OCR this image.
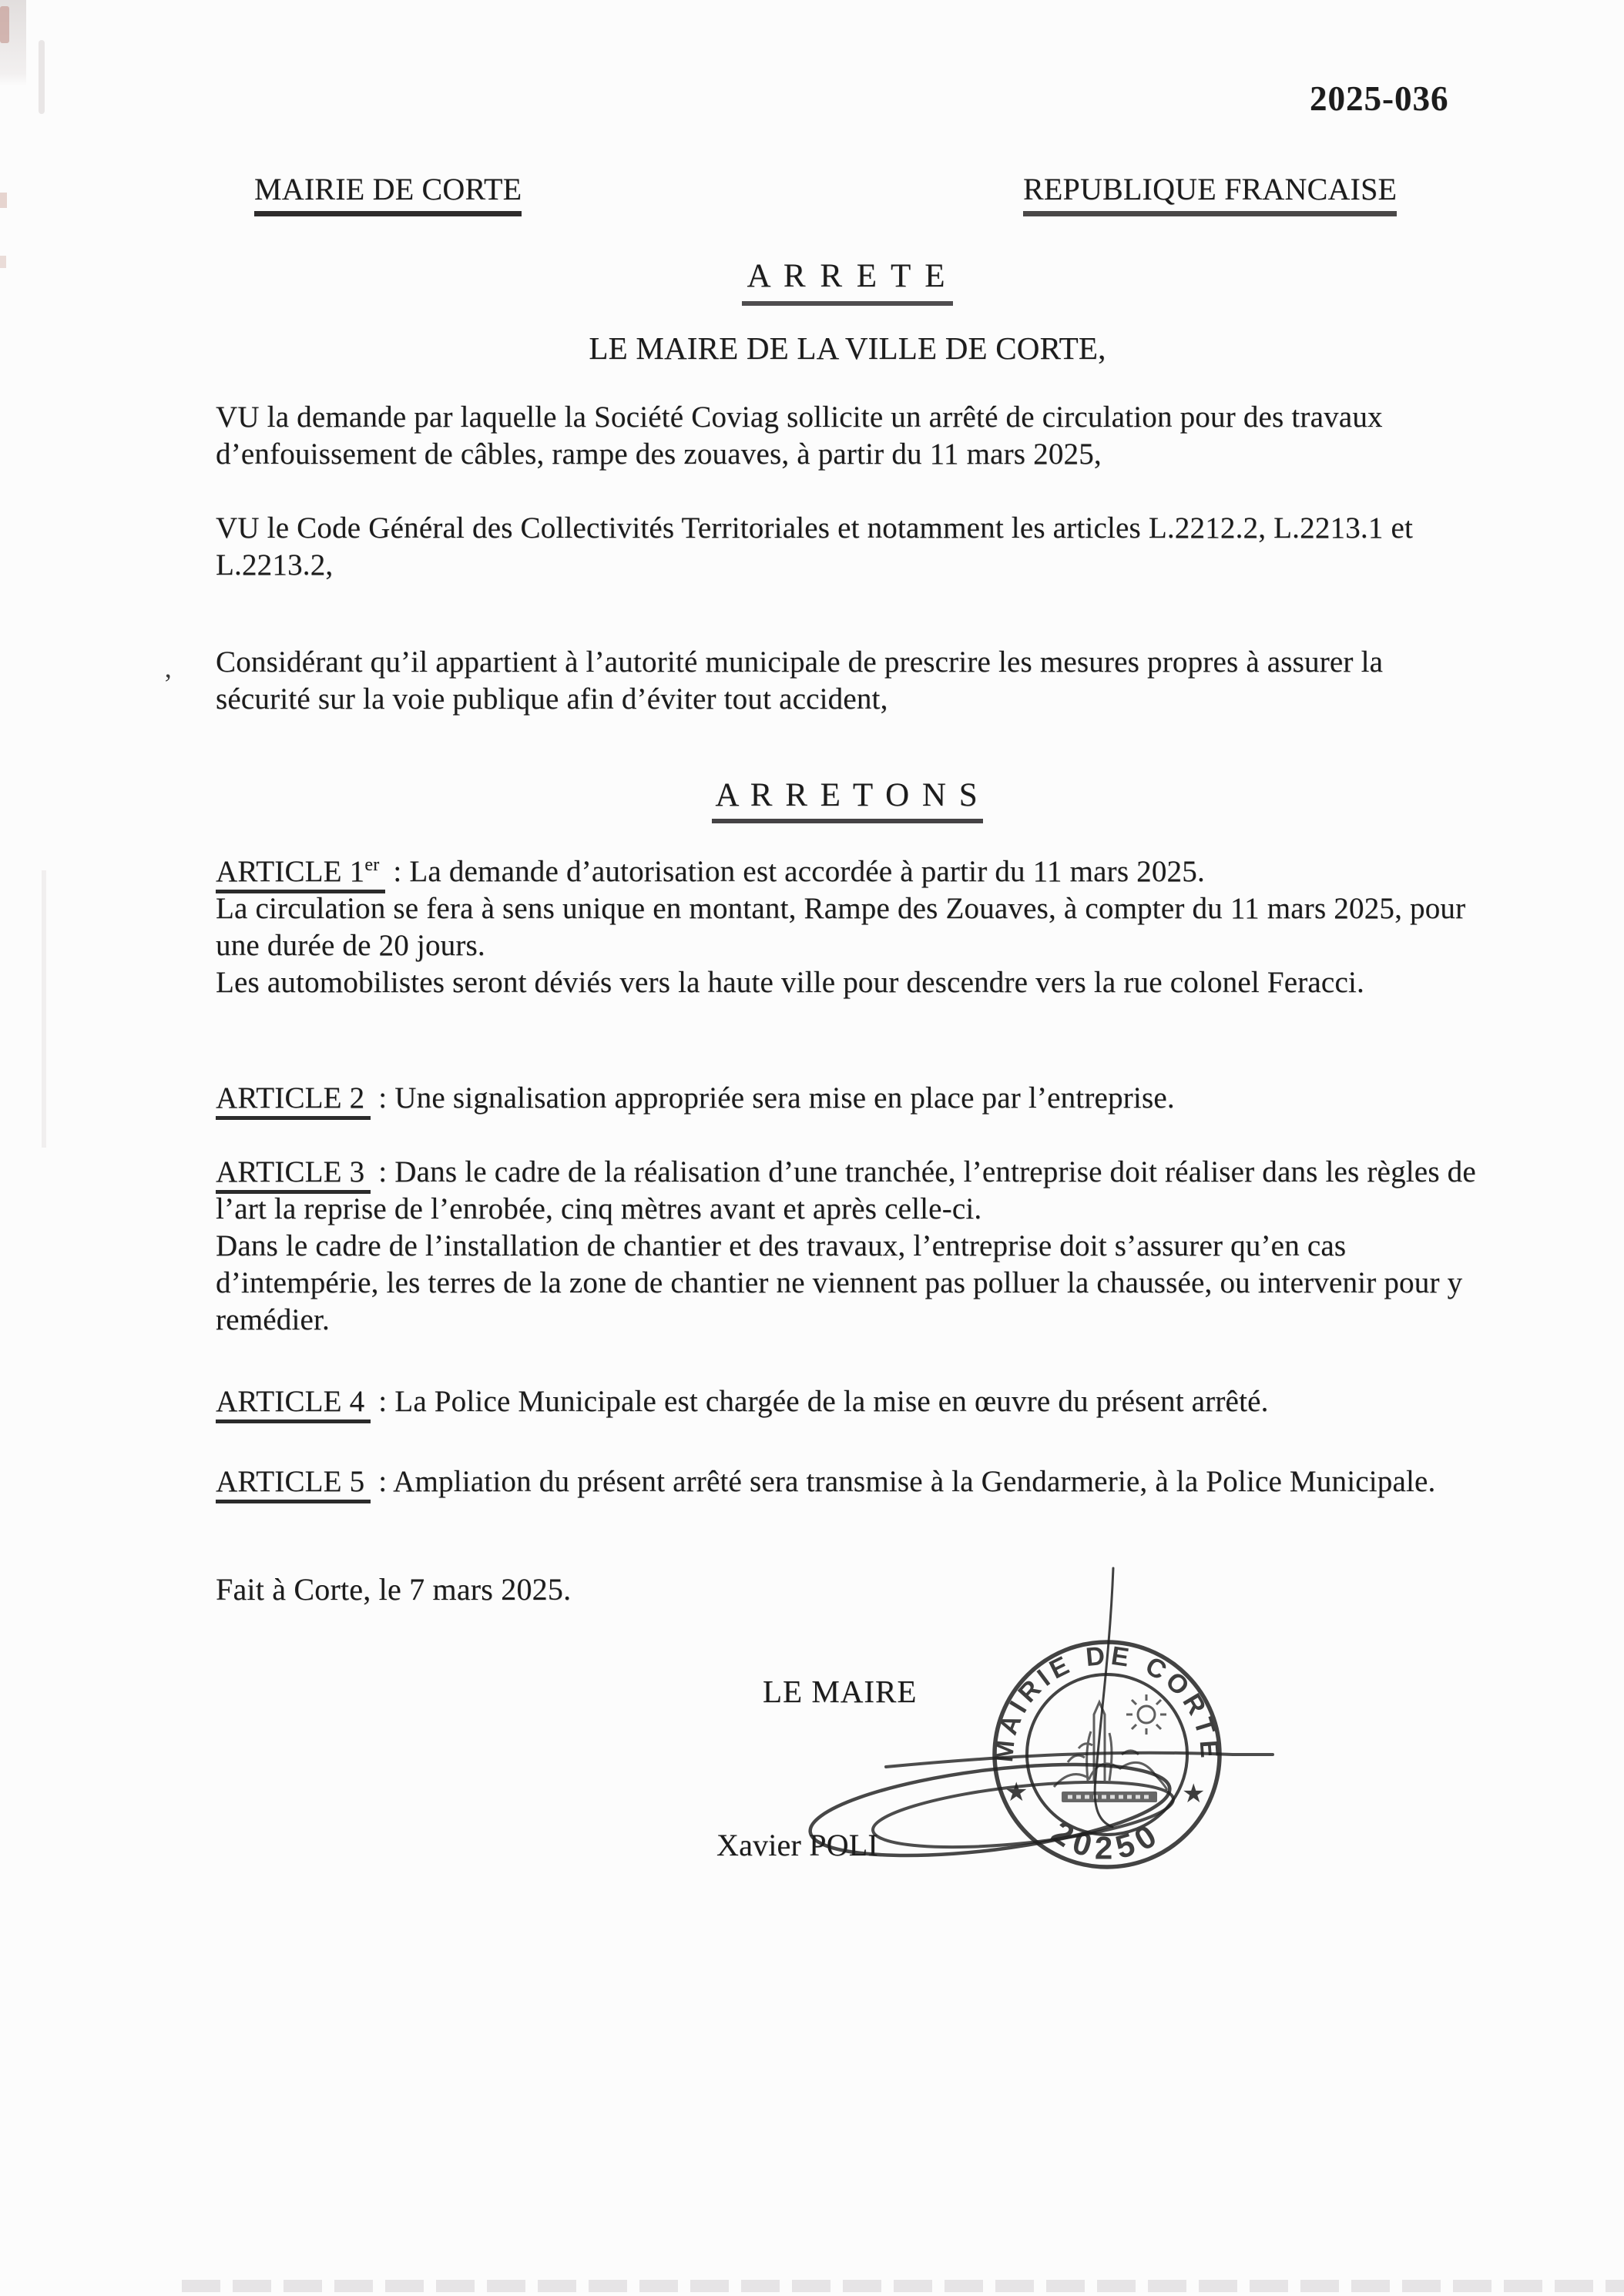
2025-036
MAIRIE DE CORTE	REPUBLIQUE FRANCAISE
A R R E T E
LE MAIRE DE LA VILLE DE CORTE,
VU la demande par laquelle la Société Coviag sollicite un arrêté de circulation pour des travaux d’enfouissement de câbles, rampe des zouaves, à partir du 11 mars 2025,
VU le Code Général des Collectivités Territoriales et notamment les articles L.2212.2, L.2213.1 et L.2213.2,
‚ Considérant qu’il appartient à l’autorité municipale de prescrire les mesures propres à assurer la sécurité sur la voie publique afin d’éviter tout accident,
A R R E T O N S
ARTICLE 1er : La demande d’autorisation est accordée à partir du 11 mars 2025.
La circulation se fera à sens unique en montant, Rampe des Zouaves, à compter du 11 mars 2025, pour une durée de 20 jours.
Les automobilistes seront déviés vers la haute ville pour descendre vers la rue colonel Feracci.
ARTICLE 2 : Une signalisation appropriée sera mise en place par l’entreprise.
ARTICLE 3 : Dans le cadre de la réalisation d’une tranchée, l’entreprise doit réaliser dans les règles de l’art la reprise de l’enrobée, cinq mètres avant et après celle-ci.
Dans le cadre de l’installation de chantier et des travaux, l’entreprise doit s’assurer qu’en cas d’intempérie, les terres de la zone de chantier ne viennent pas polluer la chaussée, ou intervenir pour y remédier.
ARTICLE 4 : La Police Municipale est chargée de la mise en œuvre du présent arrêté.
ARTICLE 5 : Ampliation du présent arrêté sera transmise à la Gendarmerie, à la Police Municipale.
Fait à Corte, le 7 mars 2025.
LE MAIRE
Xavier POLI
MAIRIE DE CORTE
20250
★	★
